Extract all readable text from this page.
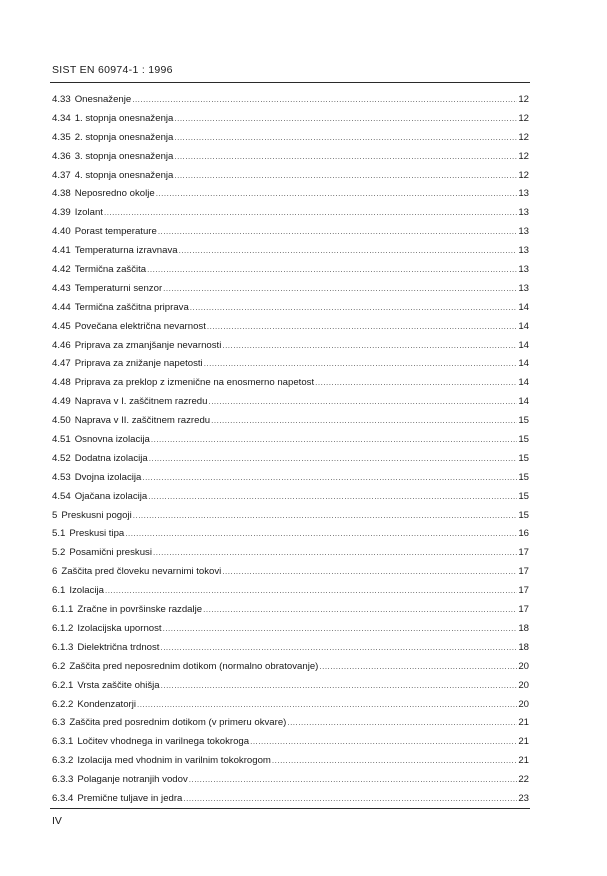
SIST EN 60974-1 : 1996
4.33 Onesnaženje .....	12
4.34 1. stopnja onesnaženja .....	12
4.35 2. stopnja onesnaženja .....	12
4.36 3. stopnja onesnaženja .....	12
4.37 4. stopnja onesnaženja .....	12
4.38 Neposredno okolje .....	13
4.39 Izolant .....	13
4.40 Porast temperature .....	13
4.41 Temperaturna izravnava .....	13
4.42 Termična zaščita .....	13
4.43 Temperaturni senzor .....	13
4.44 Termična zaščitna priprava .....	14
4.45 Povečana električna nevarnost .....	14
4.46 Priprava za zmanjšanje nevarnosti .....	14
4.47 Priprava za znižanje napetosti .....	14
4.48 Priprava za preklop z izmenične na enosmerno napetost .....	14
4.49 Naprava v I. zaščitnem razredu .....	14
4.50 Naprava v II. zaščitnem razredu .....	15
4.51 Osnovna izolacija .....	15
4.52 Dodatna izolacija .....	15
4.53 Dvojna izolacija .....	15
4.54 Ojačana izolacija .....	15
5 Preskusni pogoji .....	15
5.1 Preskusi tipa .....	16
5.2 Posamični preskusi .....	17
6 Zaščita pred človeku nevarnimi tokovi .....	17
6.1 Izolacija .....	17
6.1.1 Zračne in površinske razdalje .....	17
6.1.2 Izolacijska upornost .....	18
6.1.3 Dielektrična trdnost .....	18
6.2 Zaščita pred neposrednim dotikom (normalno obratovanje) .....	20
6.2.1 Vrsta zaščite ohišja .....	20
6.2.2 Kondenzatorji .....	20
6.3 Zaščita pred posrednim dotikom (v primeru okvare) .....	21
6.3.1 Ločitev vhodnega in varilnega tokokroga .....	21
6.3.2 Izolacija med vhodnim in varilnim tokokrogom .....	21
6.3.3 Polaganje notranjih vodov .....	22
6.3.4 Premične tuljave in jedra .....	23
IV
